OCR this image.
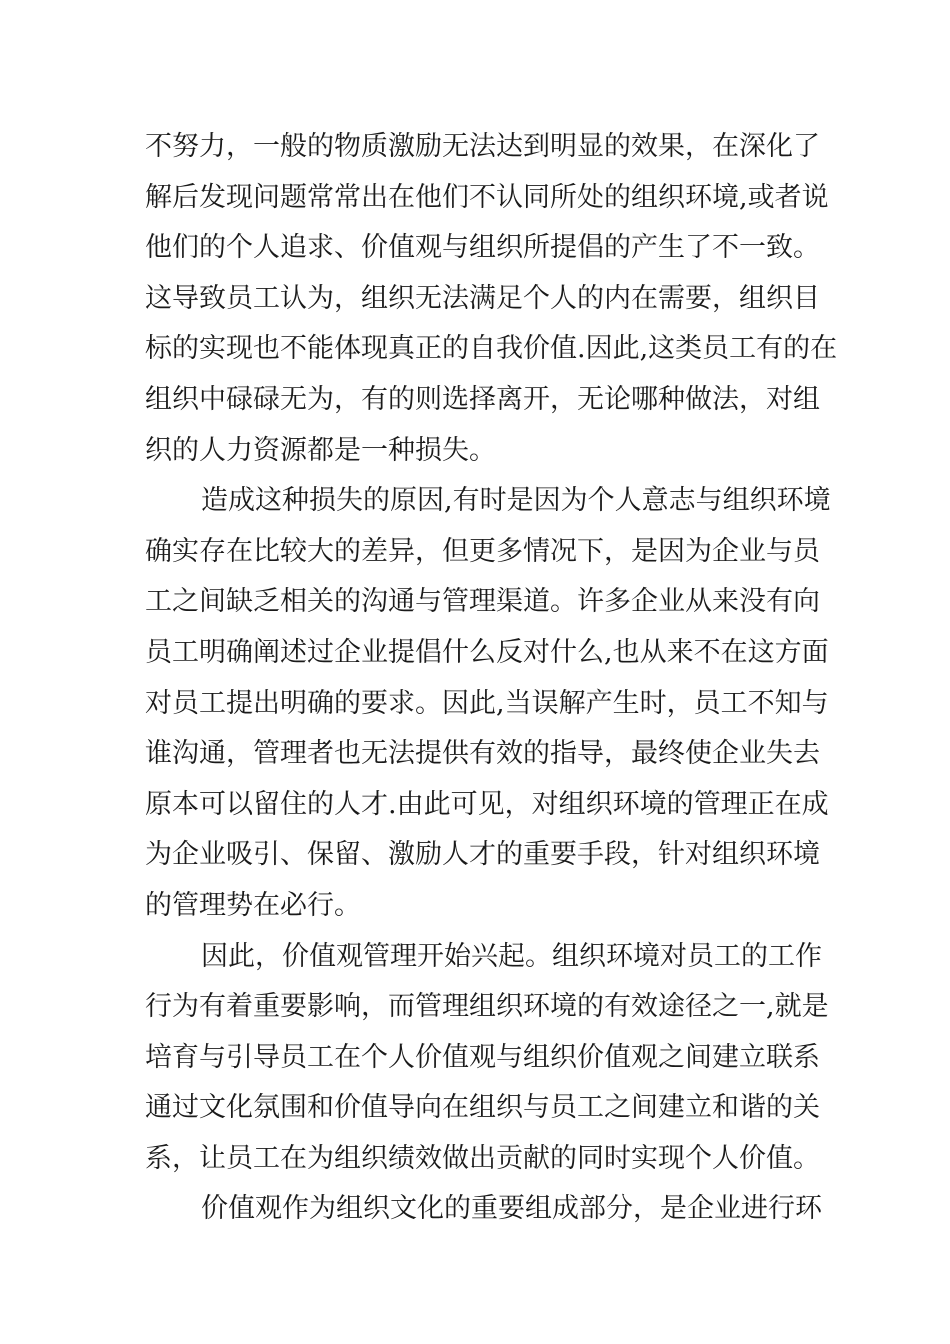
不努力，一般的物质激励无法达到明显的效果，在深化了
解后发现问题常常出在他们不认同所处的组织环境,或者说
他们的个人追求、价值观与组织所提倡的产生了不一致。
这导致员工认为，组织无法满足个人的内在需要，组织目
标的实现也不能体现真正的自我价值.因此,这类员工有的在
组织中碌碌无为，有的则选择离开，无论哪种做法，对组
织的人力资源都是一种损失。
造成这种损失的原因,有时是因为个人意志与组织环境
确实存在比较大的差异，但更多情况下，是因为企业与员
工之间缺乏相关的沟通与管理渠道。许多企业从来没有向
员工明确阐述过企业提倡什么反对什么,也从来不在这方面
对员工提出明确的要求。因此,当误解产生时，员工不知与
谁沟通，管理者也无法提供有效的指导，最终使企业失去
原本可以留住的人才.由此可见，对组织环境的管理正在成
为企业吸引、保留、激励人才的重要手段，针对组织环境
的管理势在必行。
因此，价值观管理开始兴起。组织环境对员工的工作
行为有着重要影响，而管理组织环境的有效途径之一,就是
培育与引导员工在个人价值观与组织价值观之间建立联系
通过文化氛围和价值导向在组织与员工之间建立和谐的关
系，让员工在为组织绩效做出贡献的同时实现个人价值。
价值观作为组织文化的重要组成部分，是企业进行环
